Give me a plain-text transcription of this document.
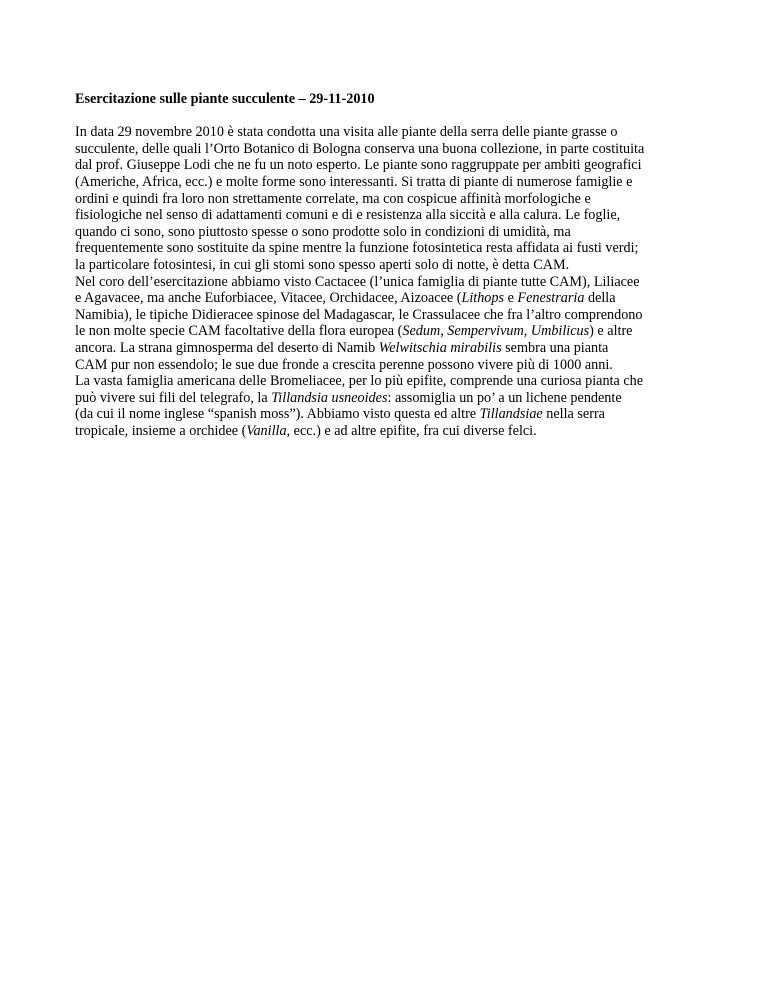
Esercitazione sulle piante succulente – 29-11-2010
In data 29 novembre 2010 è stata condotta una visita alle piante della serra delle piante grasse o
succulente, delle quali l’Orto Botanico di Bologna conserva una buona collezione, in parte costituita
dal prof. Giuseppe Lodi che ne fu un noto esperto. Le piante sono raggruppate per ambiti geografici
(Americhe, Africa, ecc.) e molte forme sono interessanti. Si tratta di piante di numerose famiglie e
ordini e quindi fra loro non strettamente correlate, ma con cospicue affinità morfologiche e
fisiologiche nel senso di adattamenti comuni e di e resistenza alla siccità e alla calura. Le foglie,
quando ci sono, sono piuttosto spesse o sono prodotte solo in condizioni di umidità, ma
frequentemente sono sostituite da spine mentre la funzione fotosintetica resta affidata ai fusti verdi;
la particolare fotosintesi, in cui gli stomi sono spesso aperti solo di notte, è detta CAM.
Nel coro dell’esercitazione abbiamo visto Cactacee (l’unica famiglia di piante tutte CAM), Liliacee
e Agavacee, ma anche Euforbiacee, Vitacee, Orchidacee, Aizoacee (Lithops e Fenestraria della
Namibia), le tipiche Didieracee spinose del Madagascar, le Crassulacee che fra l’altro comprendono
le non molte specie CAM facoltative della flora europea (Sedum, Sempervivum, Umbilicus) e altre
ancora. La strana gimnosperma del deserto di Namib Welwitschia mirabilis sembra una pianta
CAM pur non essendolo; le sue due fronde a crescita perenne possono vivere più di 1000 anni.
La vasta famiglia americana delle Bromeliacee, per lo più epifite, comprende una curiosa pianta che
può vivere sui fili del telegrafo, la Tillandsia usneoides: assomiglia un po’ a un lichene pendente
(da cui il nome inglese “spanish moss”). Abbiamo visto questa ed altre Tillandsiae nella serra
tropicale, insieme a orchidee (Vanilla, ecc.) e ad altre epifite, fra cui diverse felci.
